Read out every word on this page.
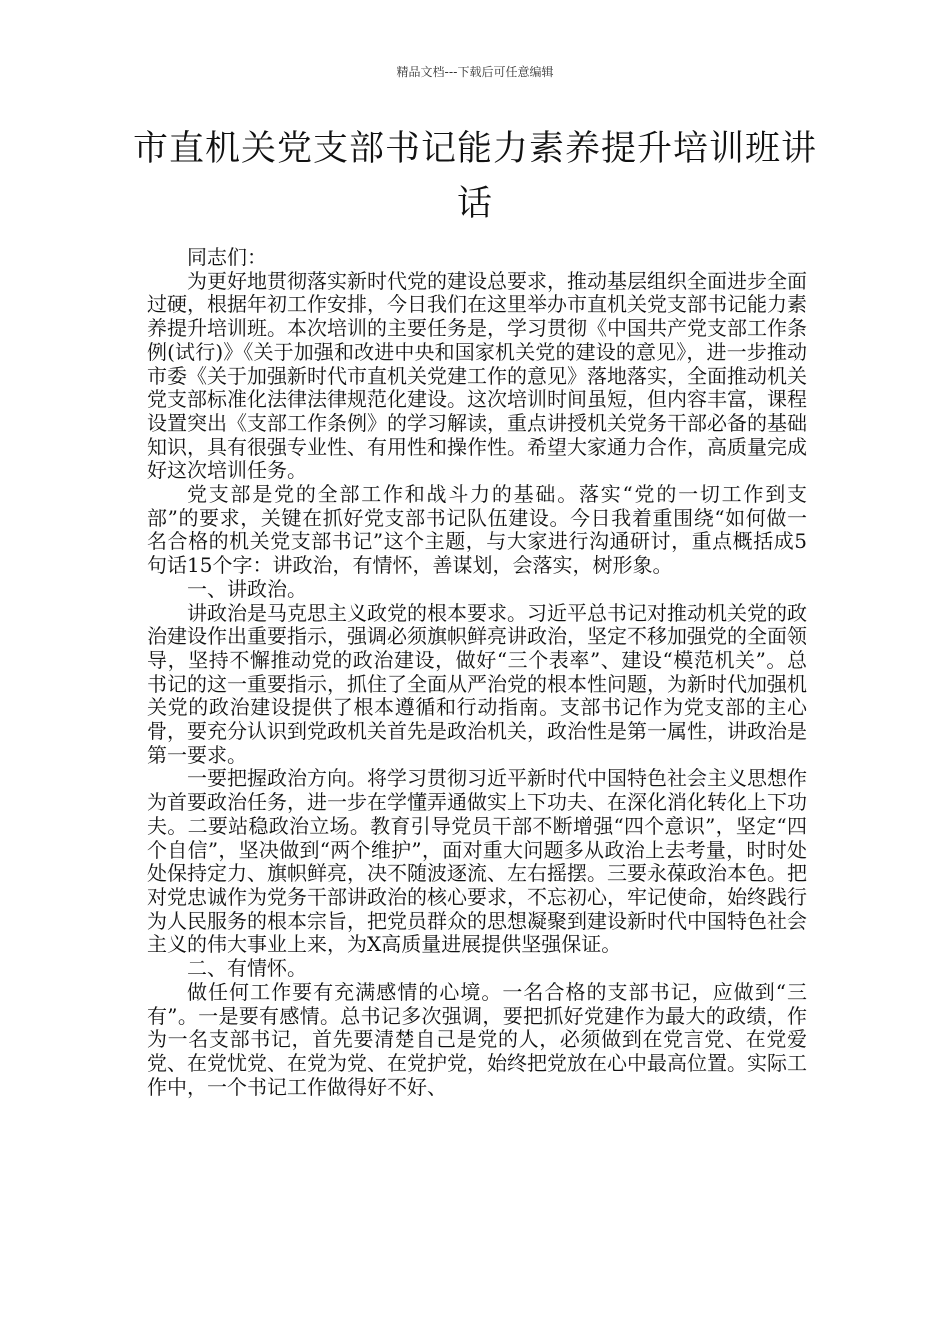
精品文档---下载后可任意编辑
市直机关党支部书记能力素养提升培训班讲话

同志们：

为更好地贯彻落实新时代党的建设总要求，推动基层组织全面进步全面过硬，根据年初工作安排，今日我们在这里举办市直机关党支部书记能力素养提升培训班。本次培训的主要任务是，学习贯彻《中国共产党支部工作条例(试行)》《关于加强和改进中央和国家机关党的建设的意见》，进一步推动市委《关于加强新时代市直机关党建工作的意见》落地落实，全面推动机关党支部标准化法律法律规范化建设。这次培训时间虽短，但内容丰富，课程设置突出《支部工作条例》的学习解读，重点讲授机关党务干部必备的基础知识，具有很强专业性、有用性和操作性。希望大家通力合作，高质量完成好这次培训任务。

党支部是党的全部工作和战斗力的基础。落实“党的一切工作到支部”的要求，关键在抓好党支部书记队伍建设。今日我着重围绕“如何做一名合格的机关党支部书记”这个主题，与大家进行沟通研讨，重点概括成5句话15个字：讲政治，有情怀，善谋划，会落实，树形象。

一、讲政治。

讲政治是马克思主义政党的根本要求。习近平总书记对推动机关党的政治建设作出重要指示，强调必须旗帜鲜亮讲政治，坚定不移加强党的全面领导，坚持不懈推动党的政治建设，做好“三个表率”、建设“模范机关”。总书记的这一重要指示，抓住了全面从严治党的根本性问题，为新时代加强机关党的政治建设提供了根本遵循和行动指南。支部书记作为党支部的主心骨，要充分认识到党政机关首先是政治机关，政治性是第一属性，讲政治是第一要求。

一要把握政治方向。将学习贯彻习近平新时代中国特色社会主义思想作为首要政治任务，进一步在学懂弄通做实上下功夫、在深化消化转化上下功夫。二要站稳政治立场。教育引导党员干部不断增强“四个意识”，坚定“四个自信”，坚决做到“两个维护”，面对重大问题多从政治上去考量，时时处处保持定力、旗帜鲜亮，决不随波逐流、左右摇摆。三要永葆政治本色。把对党忠诚作为党务干部讲政治的核心要求，不忘初心，牢记使命，始终践行为人民服务的根本宗旨，把党员群众的思想凝聚到建设新时代中国特色社会主义的伟大事业上来，为X高质量进展提供坚强保证。

二、有情怀。

做任何工作要有充满感情的心境。一名合格的支部书记，应做到“三有”。一是要有感情。总书记多次强调，要把抓好党建作为最大的政绩，作为一名支部书记，首先要清楚自己是党的人，必须做到在党言党、在党爱党、在党忧党、在党为党、在党护党，始终把党放在心中最高位置。实际工作中，一个书记工作做得好不好、
